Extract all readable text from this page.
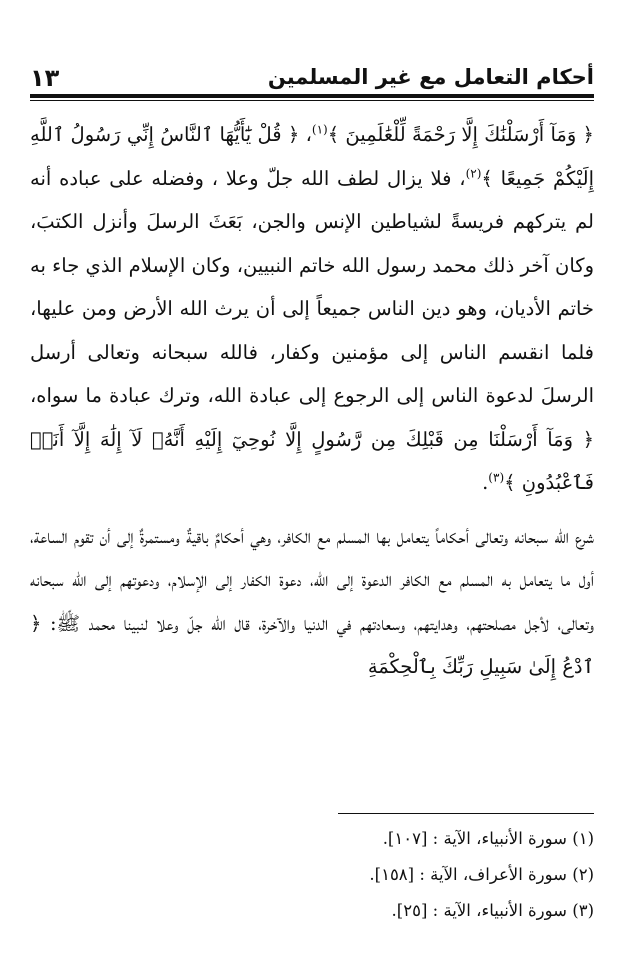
أحكام التعامل مع غير المسلمين
١٣

﴿ وَمَآ أَرْسَلْنَٰكَ إِلَّا رَحْمَةً لِّلْعَٰلَمِينَ ﴾$^{(١)}$، ﴿ قُلْ يَٰٓأَيُّهَا ٱلنَّاسُ إِنِّي رَسُولُ ٱللَّهِ إِلَيْكُمْ جَمِيعًا ﴾$^{(٢)}$، فلا يزال لطف الله جلّ وعلا ، وفضله على عباده أنه لم يتركهم فريسةً لشياطين الإنس والجن، بَعَثَ الرسلَ وأنزل الكتبَ، وكان آخر ذلك محمد رسول الله خاتم النبيين، وكان الإسلام الذي جاء به خاتم الأديان، وهو دين الناس جميعاً إلى أن يرث الله الأرض ومن عليها، فلما انقسم الناس إلى مؤمنين وكفار، فالله سبحانه وتعالى أرسل الرسلَ لدعوة الناس إلى الرجوع إلى عبادة الله، وترك عبادة ما سواه، ﴿ وَمَآ أَرْسَلْنَا مِن قَبْلِكَ مِن رَّسُولٍ إِلَّا نُوحِيٓ إِلَيْهِ أَنَّهُۥ لَآ إِلَٰهَ إِلَّآ أَنَا۠ فَٱعْبُدُونِ ﴾$^{(٣)}$.

شرع الله سبحانه وتعالى أحكاماً يتعامل بها المسلم مع الكافر، وهي أحكامٌ باقيةٌ ومستمرةٌ إلى أن تقوم الساعة، أول ما يتعامل به المسلم مع الكافر الدعوة إلى الله، دعوة الكفار إلى الإسلام، ودعوتهم إلى الله سبحانه وتعالى، لأجل مصلحتهم، وهدايتهم، وسعادتهم في الدنيا والآخرة، قال الله جلّ وعلا لنبينا محمد ﷺ: ﴿ ٱدْعُ إِلَىٰ سَبِيلِ رَبِّكَ بِٱلْحِكْمَةِ

(١) سورة الأنبياء، الآية : [١٠٧].

(٢) سورة الأعراف، الآية : [١٥٨].

(٣) سورة الأنبياء، الآية : [٢٥].
